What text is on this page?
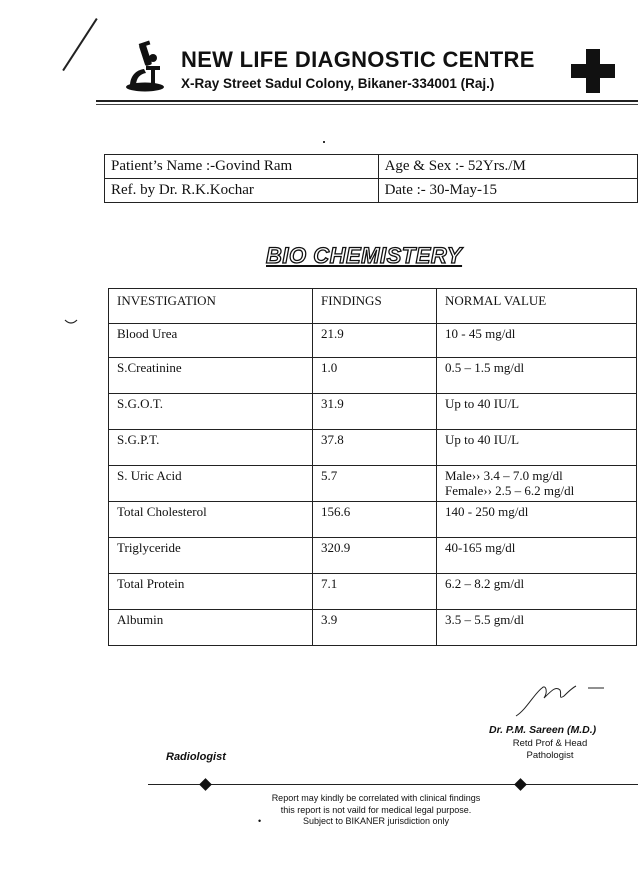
NEW LIFE DIAGNOSTIC CENTRE
X-Ray Street Sadul Colony, Bikaner-334001 (Raj.)
Patient’s Name :-Govind Ram	Age & Sex :- 52Yrs./M
Ref. by Dr. R.K.Kochar	Date :- 30-May-15
BIO CHEMISTERY
INVESTIGATION	FINDINGS	NORMAL VALUE
Blood Urea	21.9	10 - 45 mg/dl
S.Creatinine	1.0	0.5 – 1.5 mg/dl
S.G.O.T.	31.9	Up to 40 IU/L
S.G.P.T.	37.8	Up to 40 IU/L
S. Uric Acid	5.7	Male›› 3.4 – 7.0 mg/dl
Female›› 2.5 – 6.2 mg/dl

Total Cholesterol	156.6	140 - 250 mg/dl
Triglyceride	320.9	40-165 mg/dl
Total Protein	7.1	6.2 – 8.2 gm/dl
Albumin	3.9	3.5 – 5.5 gm/dl
Dr. P.M. Sareen (M.D.)
Retd Prof & Head
Pathologist
Radiologist
Report may kindly be correlated with clinical findings
this report is not vaild for medical legal purpose.
Subject to BIKANER jurisdiction only
•
